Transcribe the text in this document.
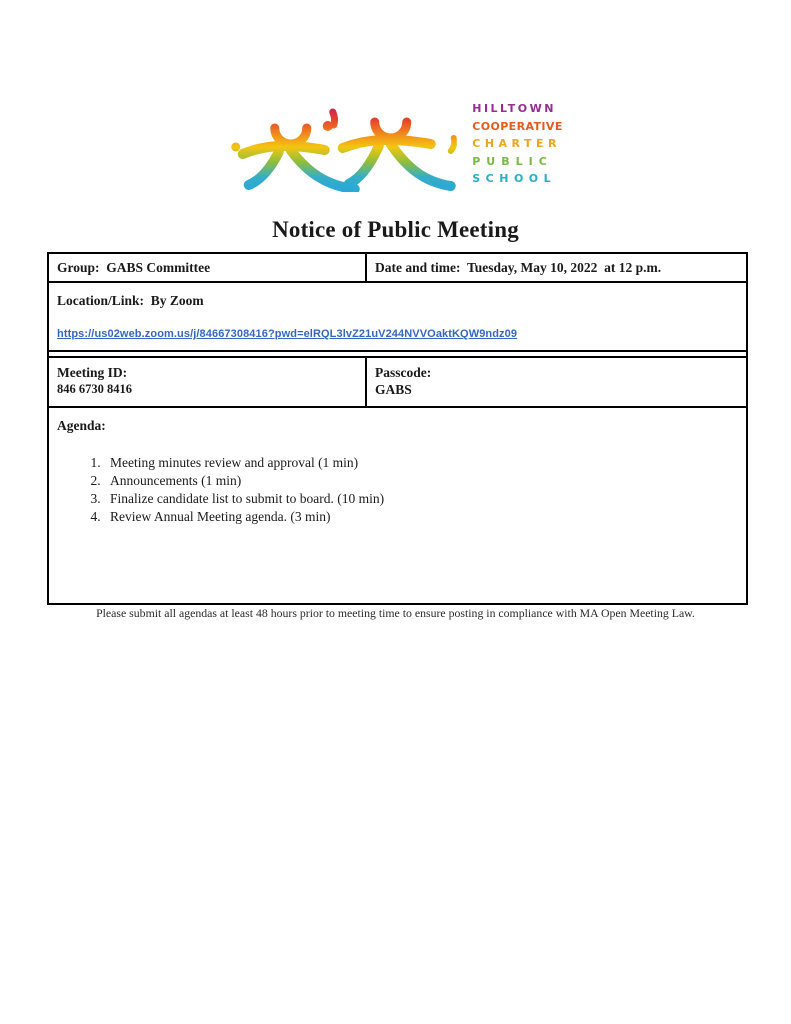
HILLTOWN
COOPERATIVE
CHARTER
PUBLIC
SCHOOL
Notice of Public Meeting
Group: GABS Committee	Date and time: Tuesday, May 10, 2022  at 12 p.m.

Location/Link: By Zoom
https://us02web.zoom.us/j/84667308416?pwd=elRQL3lvZ21uV244NVVOaktKQW9ndz09	

Meeting ID:
846 6730 8416

Passcode:
GABS

Agenda:
1. Meeting minutes review and approval (1 min)
2. Announcements (1 min)
3. Finalize candidate list to submit to board. (10 min)
4. Review Annual Meeting agenda. (3 min)
Please submit all agendas at least 48 hours prior to meeting time to ensure posting in compliance with MA Open Meeting Law.
